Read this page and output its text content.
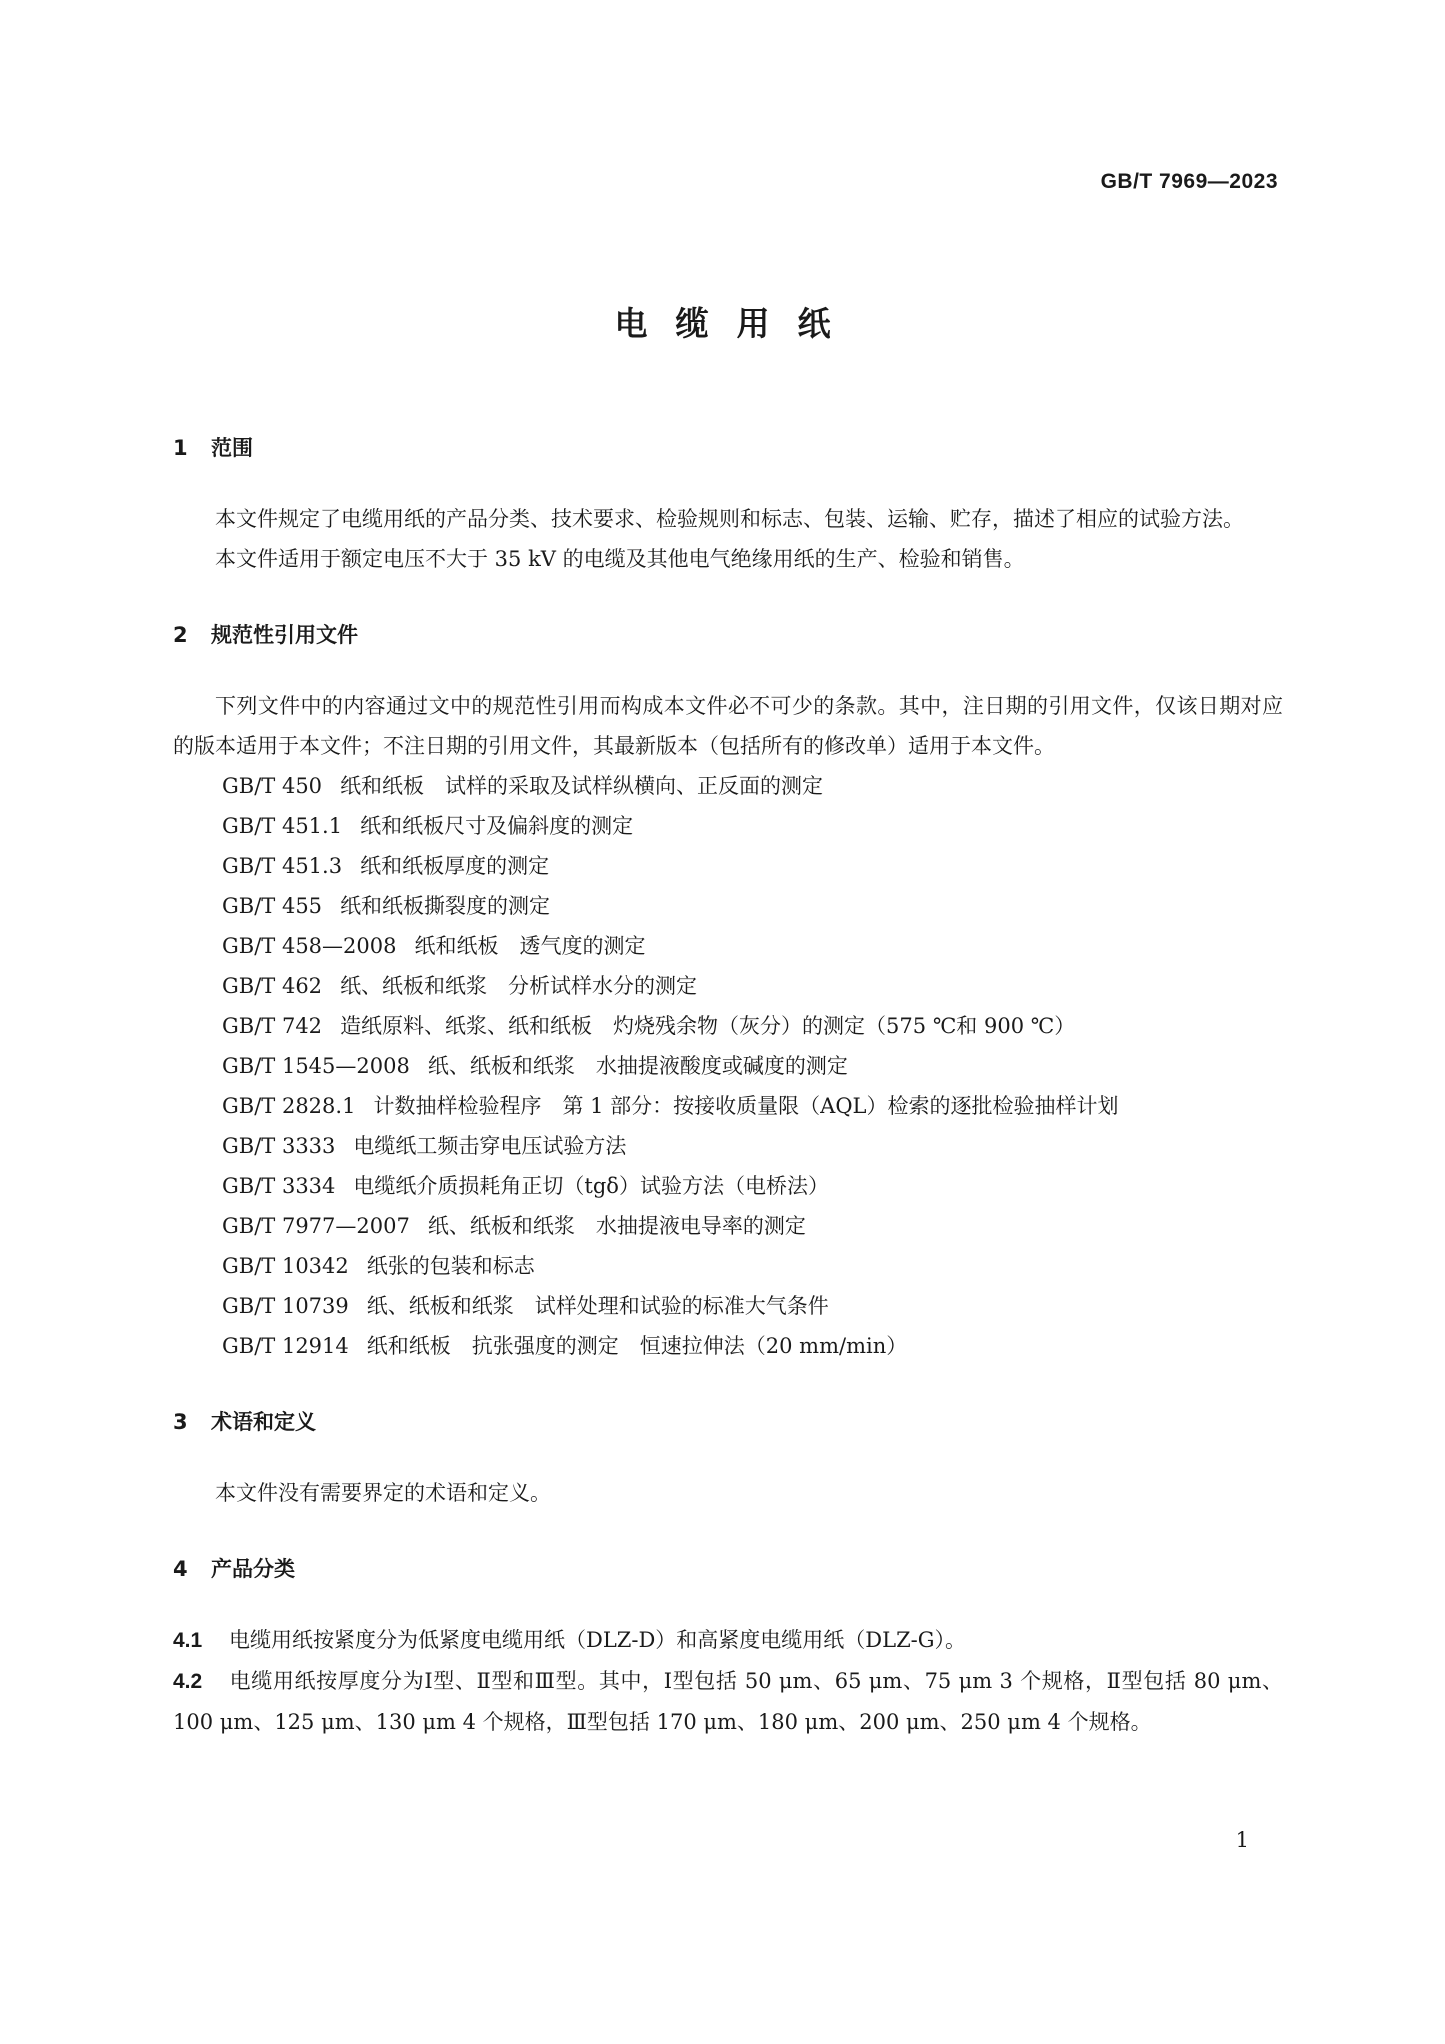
GB/T 7969—2023
电缆用纸
1 范围

本文件规定了电缆用纸的产品分类、技术要求、检验规则和标志、包装、运输、贮存，描述了相应的试验方法。

本文件适用于额定电压不大于 35 kV 的电缆及其他电气绝缘用纸的生产、检验和销售。

2 规范性引用文件

下列文件中的内容通过文中的规范性引用而构成本文件必不可少的条款。其中，注日期的引用文件，仅该日期对应的版本适用于本文件；不注日期的引用文件，其最新版本（包括所有的修改单）适用于本文件。

GB/T 450 纸和纸板　试样的采取及试样纵横向、正反面的测定
GB/T 451.1 纸和纸板尺寸及偏斜度的测定
GB/T 451.3 纸和纸板厚度的测定
GB/T 455 纸和纸板撕裂度的测定
GB/T 458—2008 纸和纸板　透气度的测定
GB/T 462 纸、纸板和纸浆　分析试样水分的测定
GB/T 742 造纸原料、纸浆、纸和纸板　灼烧残余物（灰分）的测定（575 ℃和 900 ℃）
GB/T 1545—2008 纸、纸板和纸浆　水抽提液酸度或碱度的测定
GB/T 2828.1 计数抽样检验程序　第 1 部分：按接收质量限（AQL）检索的逐批检验抽样计划
GB/T 3333 电缆纸工频击穿电压试验方法
GB/T 3334 电缆纸介质损耗角正切（tgδ）试验方法（电桥法）
GB/T 7977—2007 纸、纸板和纸浆　水抽提液电导率的测定
GB/T 10342 纸张的包装和标志
GB/T 10739 纸、纸板和纸浆　试样处理和试验的标准大气条件
GB/T 12914 纸和纸板　抗张强度的测定　恒速拉伸法（20 mm/min）
3 术语和定义

本文件没有需要界定的术语和定义。

4 产品分类

4.1 电缆用纸按紧度分为低紧度电缆用纸（DLZ-D）和高紧度电缆用纸（DLZ-G）。

4.2 电缆用纸按厚度分为Ⅰ型、Ⅱ型和Ⅲ型。其中，Ⅰ型包括 50 μm、65 μm、75 μm 3 个规格，Ⅱ型包括 80 μm、100 μm、125 μm、130 μm 4 个规格，Ⅲ型包括 170 μm、180 μm、200 μm、250 μm 4 个规格。

1
